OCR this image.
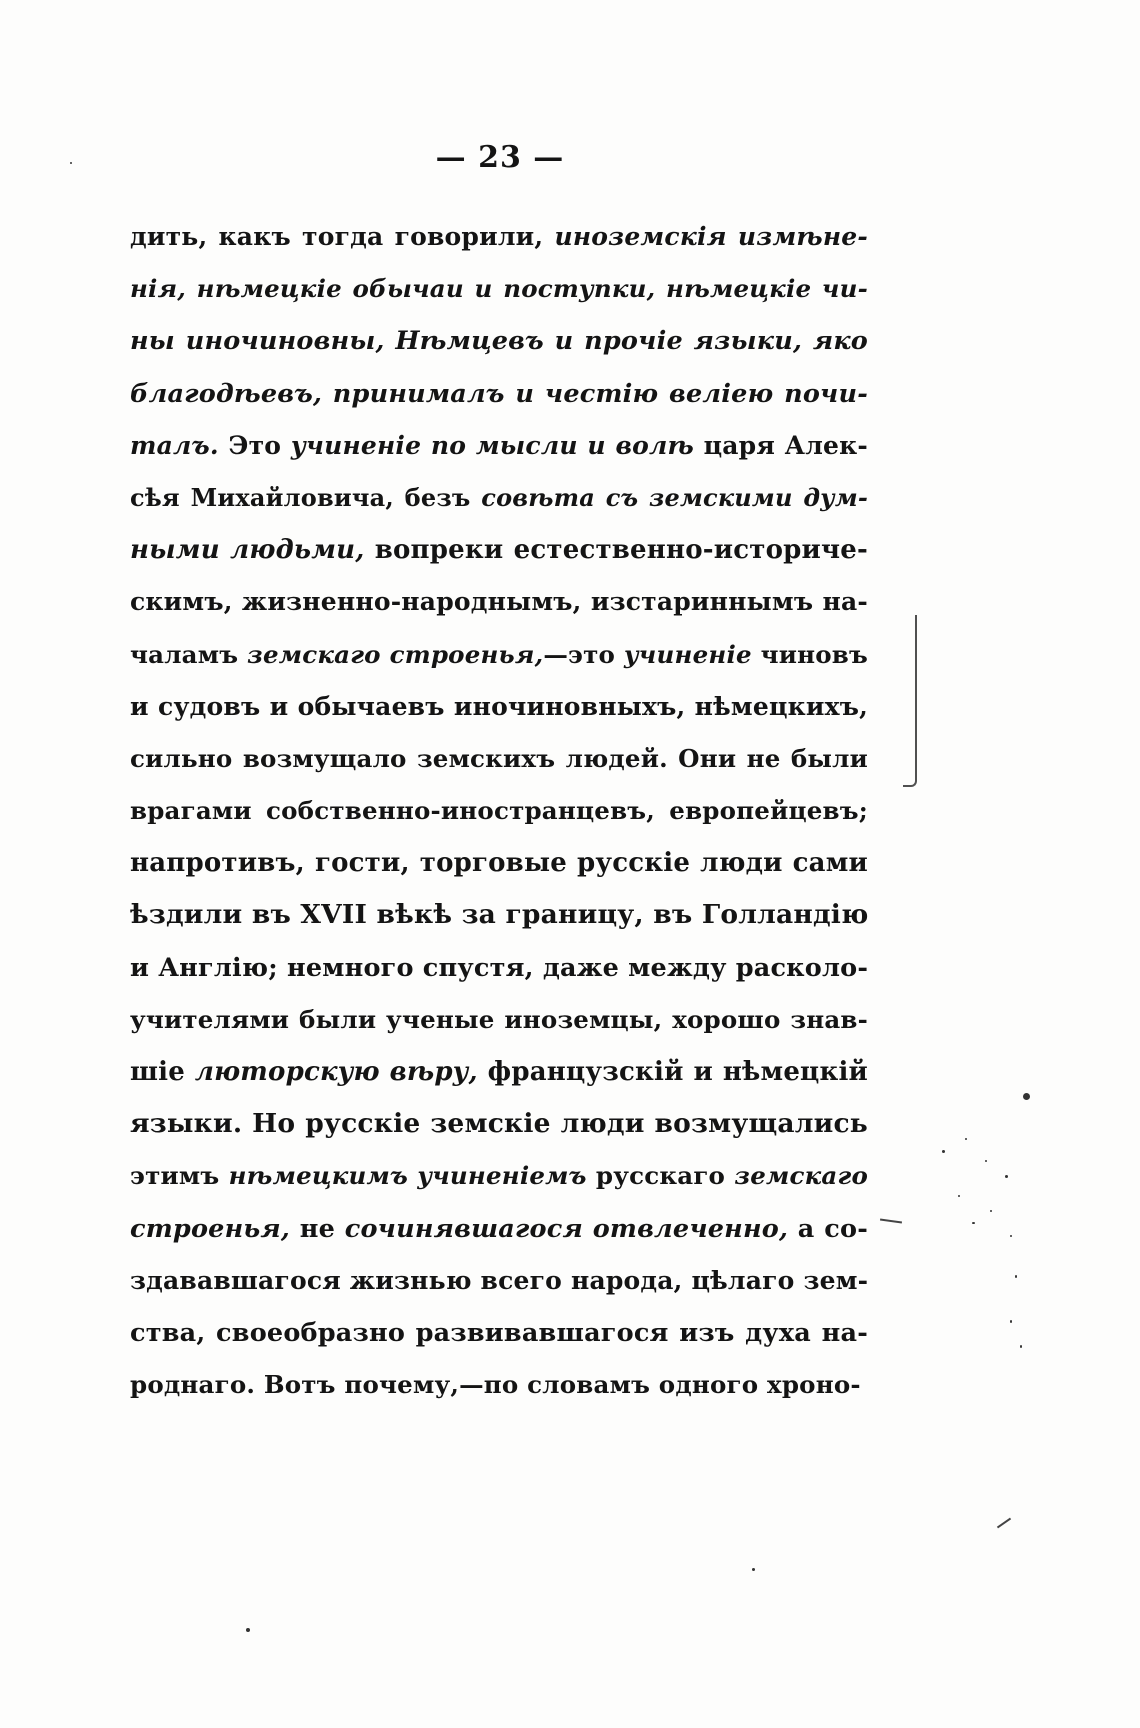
— 23 —
дить, какъ тогда говорили, иноземскія измѣне-
нія, нѣмецкіе обычаи и поступки, нѣмецкіе чи-
ны иночиновны, Нѣмцевъ и прочіе языки, яко
благодѣевъ, принималъ и честію веліею почи-
талъ. Это учиненіе по мысли и волѣ царя Алек-
сѣя Михайловича, безъ совѣта съ земскими дум-
ными людьми, вопреки естественно-историче-
скимъ, жизненно-народнымъ, изстариннымъ на-
чаламъ земскаго строенья,—это учиненіе чиновъ
и судовъ и обычаевъ иночиновныхъ, нѣмецкихъ,
сильно возмущало земскихъ людей. Они не были
врагами собственно-иностранцевъ, европейцевъ;
напротивъ, гости, торговые русскіе люди сами
ѣздили въ XVII вѣкѣ за границу, въ Голландію
и Англію; немного спустя, даже между расколо-
учителями были ученые иноземцы, хорошо знав-
шіе люторскую вѣру, французскій и нѣмецкій
языки. Но русскіе земскіе люди возмущались
этимъ нѣмецкимъ учиненіемъ русскаго земскаго
строенья, не сочинявшагося отвлеченно, а со-
здававшагося жизнью всего народа, цѣлаго зем-
ства, своеобразно развивавшагося изъ духа на-
роднаго. Вотъ почему,—по словамъ одного хроно-
